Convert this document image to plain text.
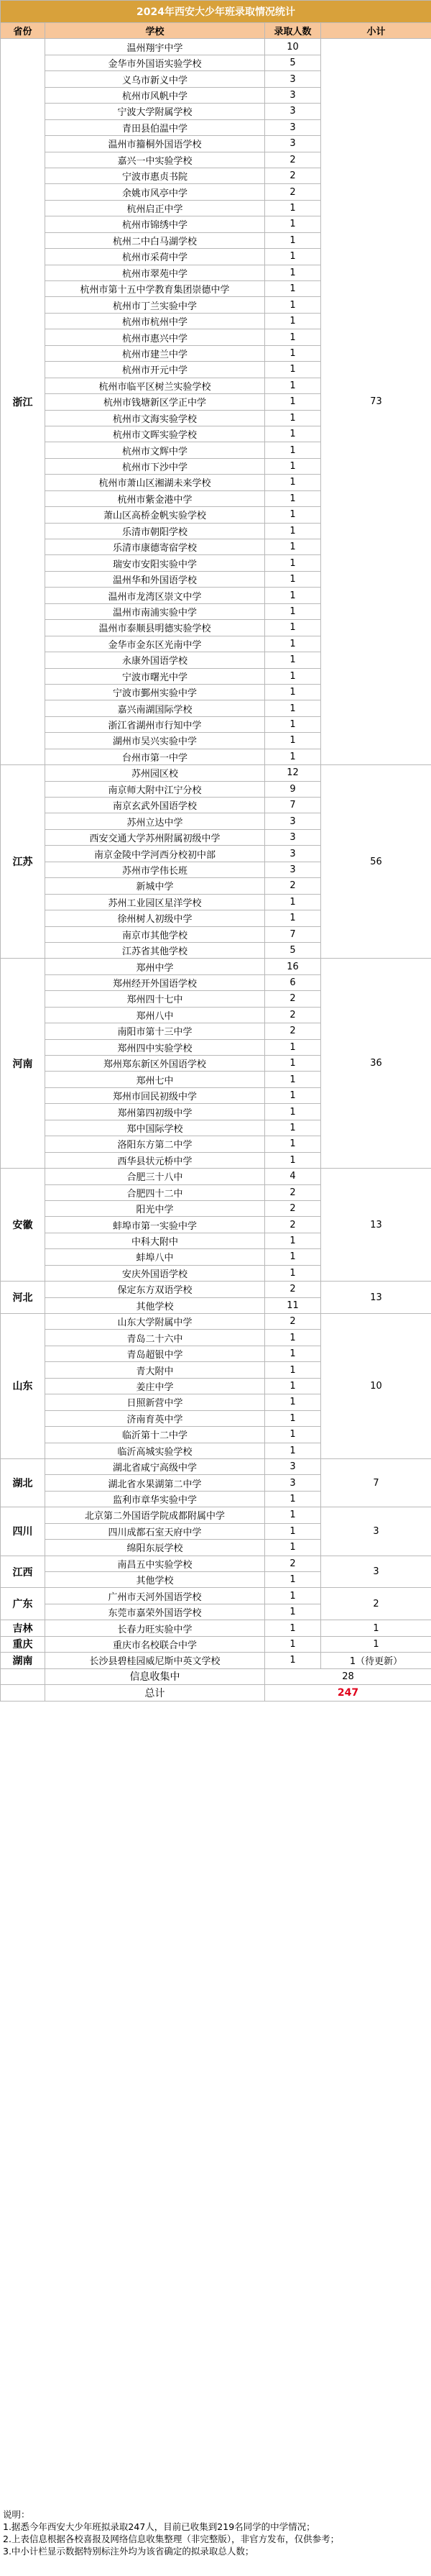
2024年西安大少年班录取情况统计			
省份	学校	录取人数	小计
浙江	温州翔宇中学	10	73
	金华市外国语实验学校	5	
	义乌市新义中学	3	
	杭州市风帆中学	3	
	宁波大学附属学校	3	
	青田县伯温中学	3	
	温州市籀桐外国语学校	3	
	嘉兴一中实验学校	2	
	宁波市惠贞书院	2	
	余姚市风亭中学	2	
	杭州启正中学	1	
	杭州市锦绣中学	1	
	杭州二中白马湖学校	1	
	杭州市采荷中学	1	
	杭州市翠苑中学	1	
	杭州市第十五中学教育集团崇德中学	1	
	杭州市丁兰实验中学	1	
	杭州市杭州中学	1	
	杭州市惠兴中学	1	
	杭州市建兰中学	1	
	杭州市开元中学	1	
	杭州市临平区树兰实验学校	1	
	杭州市钱塘新区学正中学	1	
	杭州市文海实验学校	1	
	杭州市文晖实验学校	1	
	杭州市文辉中学	1	
	杭州市下沙中学	1	
	杭州市萧山区湘湖未来学校	1	
	杭州市紫金港中学	1	
	萧山区高桥金帆实验学校	1	
	乐清市朝阳学校	1	
	乐清市康德寄宿学校	1	
	瑞安市安阳实验中学	1	
	温州华和外国语学校	1	
	温州市龙湾区崇文中学	1	
	温州市南浦实验中学	1	
	温州市泰顺县明德实验学校	1	
	金华市金东区光南中学	1	
	永康外国语学校	1	
	宁波市曙光中学	1	
	宁波市鄞州实验中学	1	
	嘉兴南湖国际学校	1	
	浙江省湖州市行知中学	1	
	湖州市吴兴实验中学	1	
	台州市第一中学	1	
江苏	苏州园区校	12	56
	南京师大附中江宁分校	9	
	南京玄武外国语学校	7	
	苏州立达中学	3	
	西安交通大学苏州附属初级中学	3	
	南京金陵中学河西分校初中部	3	
	苏州市学伟长班	3	
	新城中学	2	
	苏州工业园区星洋学校	1	
	徐州树人初级中学	1	
	南京市其他学校	7	
	江苏省其他学校	5	
河南	郑州中学	16	36
	郑州经开外国语学校	6	
	郑州四十七中	2	
	郑州八中	2	
	南阳市第十三中学	2	
	郑州四中实验学校	1	
	郑州郑东新区外国语学校	1	
	郑州七中	1	
	郑州市回民初级中学	1	
	郑州第四初级中学	1	
	郑中国际学校	1	
	洛阳东方第二中学	1	
	西华县状元桥中学	1	
安徽	合肥三十八中	4	13
	合肥四十二中	2	
	阳光中学	2	
	蚌埠市第一实验中学	2	
	中科大附中	1	
	蚌埠八中	1	
	安庆外国语学校	1	
河北	保定东方双语学校	2	13
	其他学校	11	
山东	山东大学附属中学	2	10
	青岛二十六中	1	
	青岛超银中学	1	
	青大附中	1	
	姜庄中学	1	
	日照新营中学	1	
	济南育英中学	1	
	临沂第十二中学	1	
	临沂高城实验学校	1	
湖北	湖北省咸宁高级中学	3	7
	湖北省水果湖第二中学	3	
	监利市章华实验中学	1	
四川	北京第二外国语学院成都附属中学	1	3
	四川成都石室天府中学	1	
	绵阳东辰学校	1	
江西	南昌五中实验学校	2	3
	其他学校	1	
广东	广州市天河外国语学校	1	2
	东莞市嘉荣外国语学校	1	
吉林	长春力旺实验中学	1	1
重庆	重庆市名校联合中学	1	1
湖南	长沙县碧桂园威尼斯中英文学校	1	1（待更新）
	信息收集中	28	
	总计	247	
说明：
1.据悉今年西安大少年班拟录取247人，目前已收集到219名同学的中学情况；
2.上表信息根据各校喜报及网络信息收集整理（非完整版），非官方发布，仅供参考；
3.中小计栏显示数据特别标注外均为该省确定的拟录取总人数；
